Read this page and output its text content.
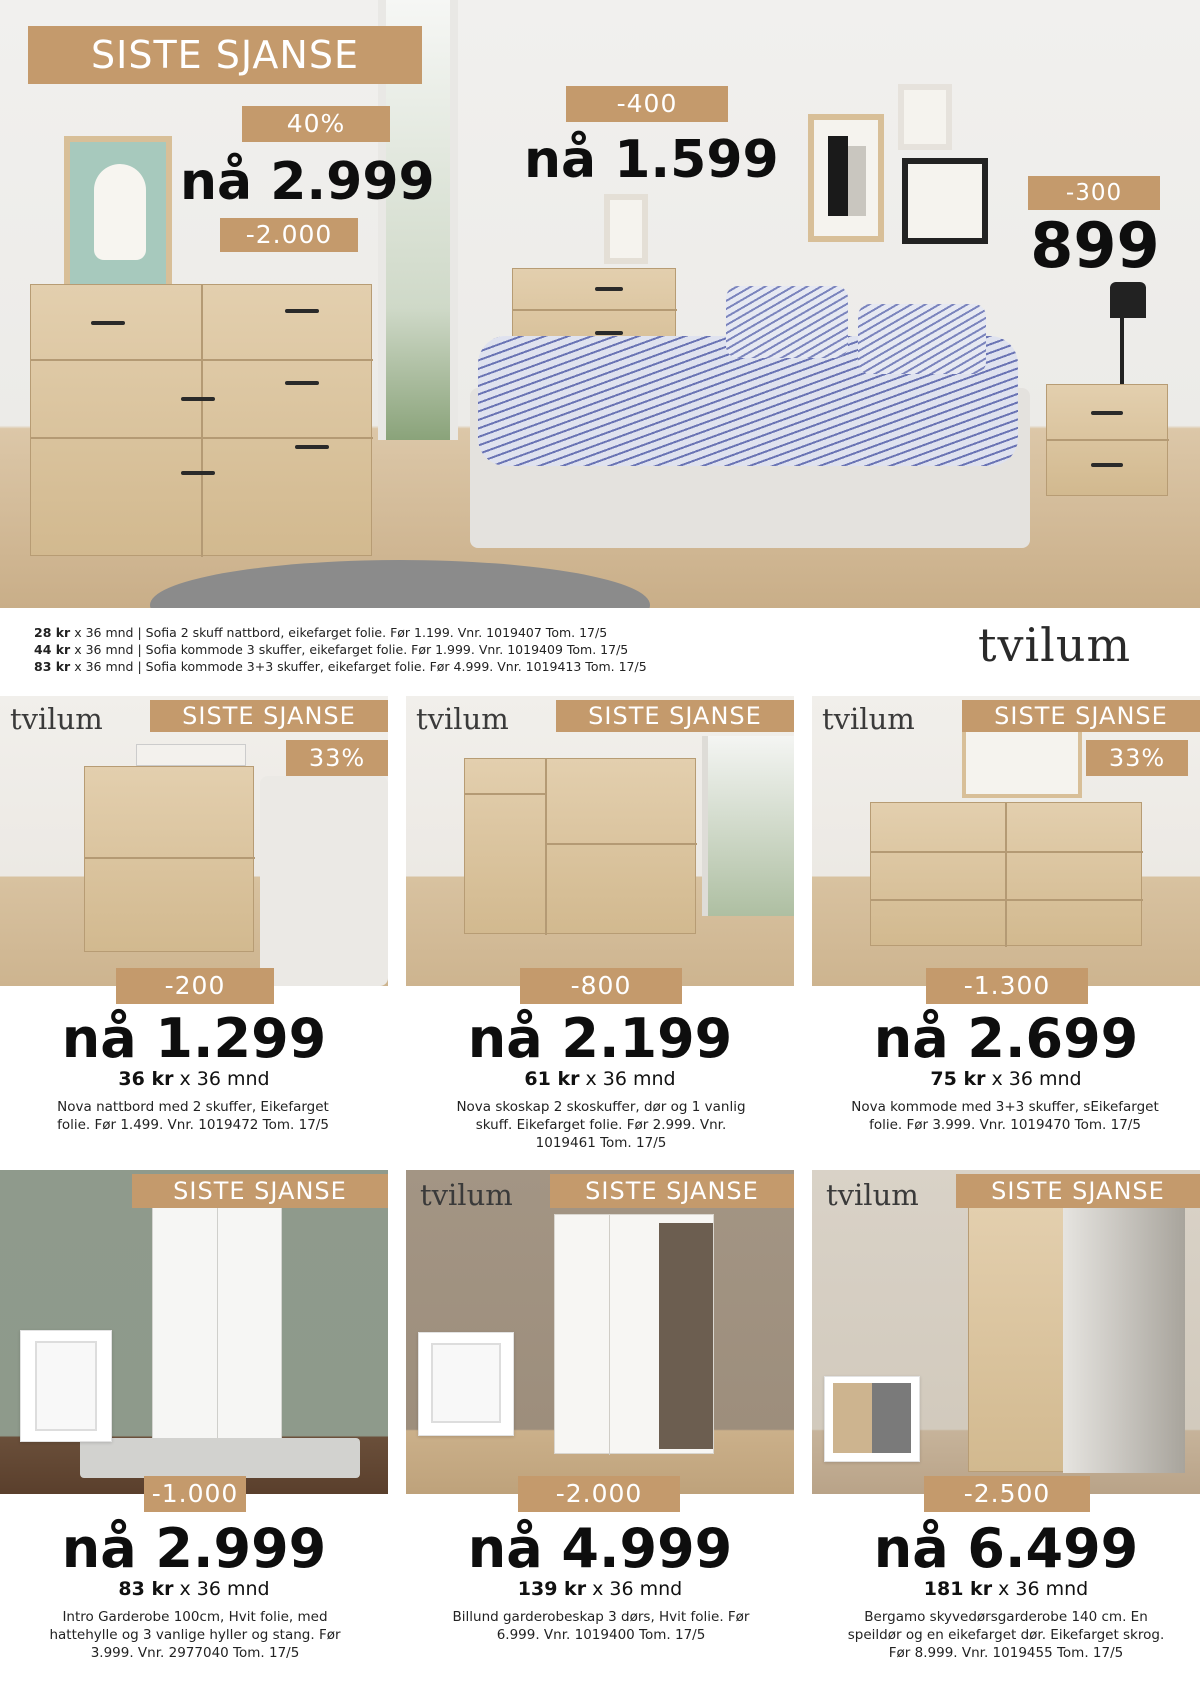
SISTE SJANSE
40%
nå 2.999
-2.000
-400
nå 1.599
-300
899
28 kr x 36 mnd | Sofia 2 skuff nattbord, eikefarget folie. Før 1.199. Vnr. 1019407 Tom. 17/5
44 kr x 36 mnd | Sofia kommode 3 skuffer, eikefarget folie. Før 1.999. Vnr. 1019409 Tom. 17/5
83 kr x 36 mnd | Sofia kommode 3+3 skuffer, eikefarget folie. Før 4.999. Vnr. 1019413 Tom. 17/5	tvilum
tvilum	SISTE SJANSE
33%
-200
nå 1.299
36 kr x 36 mnd
Nova nattbord med 2 skuffer, Eikefarget folie. Før 1.499. Vnr. 1019472 Tom. 17/5
tvilum	SISTE SJANSE
-800
nå 2.199
61 kr x 36 mnd
Nova skoskap 2 skoskuffer, dør og 1 vanlig skuff. Eikefarget folie. Før 2.999. Vnr. 1019461 Tom. 17/5
tvilum	SISTE SJANSE
33%
-1.300
nå 2.699
75 kr x 36 mnd
Nova kommode med 3+3 skuffer, sEikefarget folie. Før 3.999. Vnr. 1019470 Tom. 17/5
SISTE SJANSE
-1.000
nå 2.999
83 kr x 36 mnd
Intro Garderobe 100cm, Hvit folie, med hattehylle og 3 vanlige hyller og stang. Før 3.999. Vnr. 2977040 Tom. 17/5
tvilum	SISTE SJANSE
-2.000
nå 4.999
139 kr x 36 mnd
Billund garderobeskap 3 dørs, Hvit folie. Før 6.999. Vnr. 1019400 Tom. 17/5
tvilum	SISTE SJANSE
-2.500
nå 6.499
181 kr x 36 mnd
Bergamo skyvedørsgarderobe 140 cm. En speildør og en eikefarget dør. Eikefarget skrog. Før 8.999. Vnr. 1019455 Tom. 17/5
